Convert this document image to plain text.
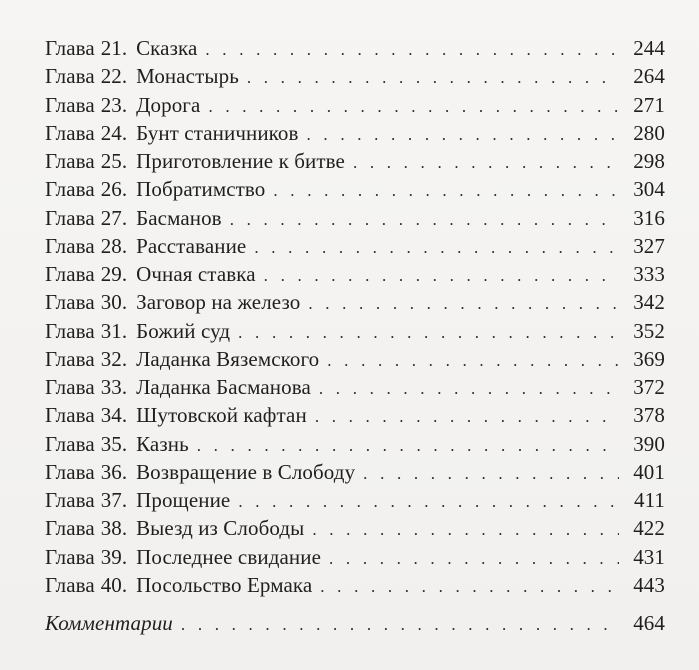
Глава 21. Сказка . . .	244
Глава 22. Монастырь . . .	264
Глава 23. Дорога . . .	271
Глава 24. Бунт станичников . . .	280
Глава 25. Приготовление к битве . . .	298
Глава 26. Побратимство . . .	304
Глава 27. Басманов . . .	316
Глава 28. Расставание . . .	327
Глава 29. Очная ставка . . .	333
Глава 30. Заговор на железо . . .	342
Глава 31. Божий суд . . .	352
Глава 32. Ладанка Вяземского . . .	369
Глава 33. Ладанка Басманова . . .	372
Глава 34. Шутовской кафтан . . .	378
Глава 35. Казнь . . .	390
Глава 36. Возвращение в Слободу . . .	401
Глава 37. Прощение . . .	411
Глава 38. Выезд из Слободы . . .	422
Глава 39. Последнее свидание . . .	431
Глава 40. Посольство Ермака . . .	443
Комментарии . . .	464
